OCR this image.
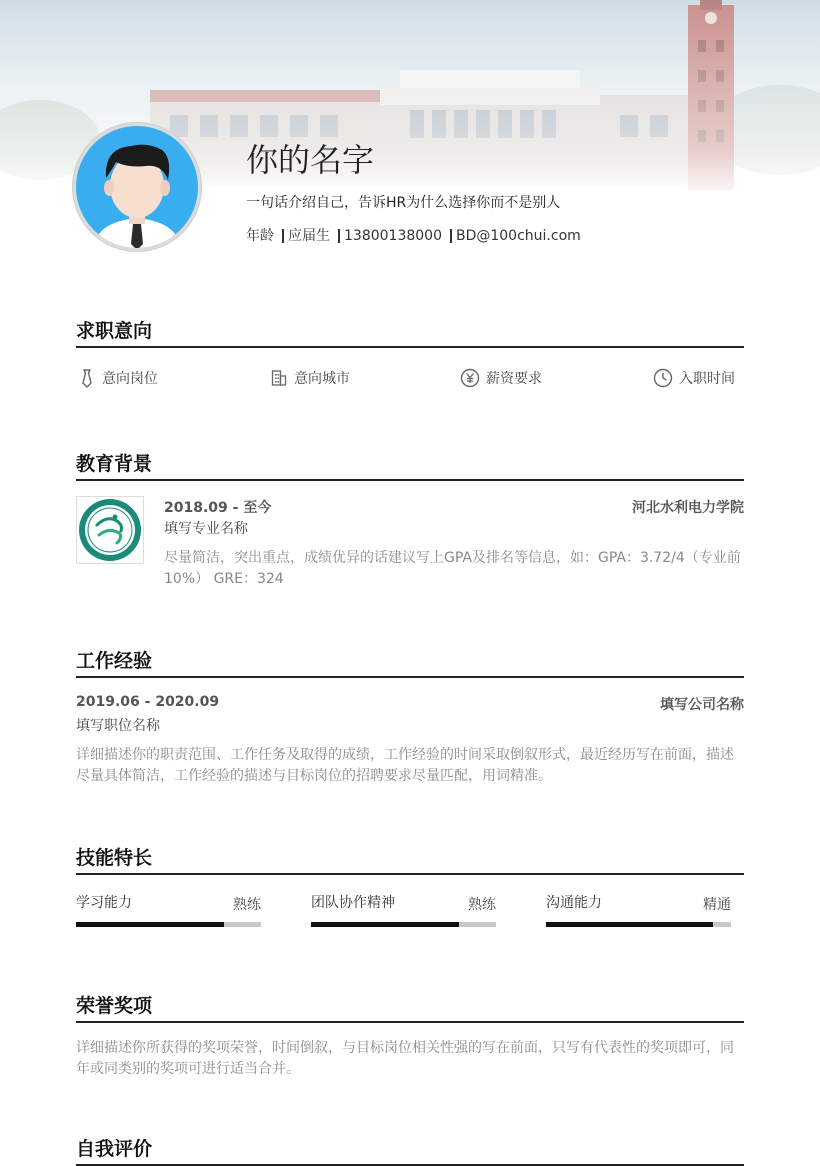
你的名字
一句话介绍自己，告诉HR为什么选择你而不是别人
年龄 应届生 13800138000 BD@100chui.com
求职意向
意向岗位	意向城市	薪资要求	入职时间
教育背景
2018.09 - 至今	河北水利电力学院
填写专业名称
尽量简洁，突出重点，成绩优异的话建议写上GPA及排名等信息，如：GPA：3.72/4（专业前10%） GRE：324
工作经验
2019.06 - 2020.09	填写公司名称
填写职位名称
详细描述你的职责范围、工作任务及取得的成绩，工作经验的时间采取倒叙形式，最近经历写在前面，描述尽量具体简洁，工作经验的描述与目标岗位的招聘要求尽量匹配，用词精准。
技能特长
学习能力	熟练	团队协作精神	熟练	沟通能力	精通
荣誉奖项
详细描述你所获得的奖项荣誉，时间倒叙，与目标岗位相关性强的写在前面，只写有代表性的奖项即可，同年或同类别的奖项可进行适当合并。
自我评价
